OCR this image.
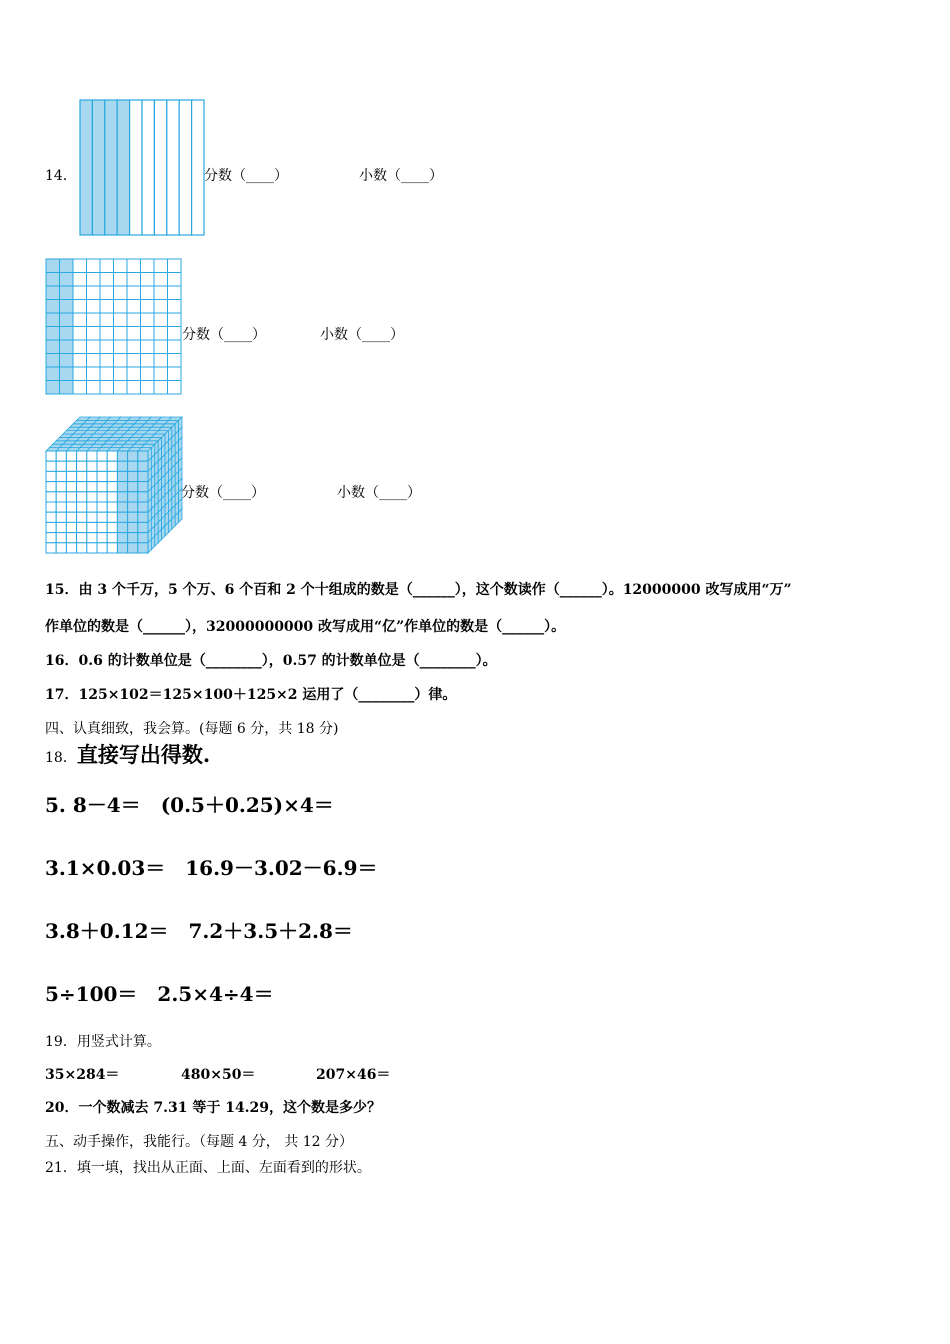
14．	分数（____）	小数（____）
分数（____）	小数（____）
分数（____）	小数（____）
15．由 3 个千万，5 个万、6 个百和 2 个十组成的数是（______），这个数读作（______）。12000000 改写成用“万”
作单位的数是（______），32000000000 改写成用“亿”作单位的数是（______）。
16．0.6 的计数单位是（________），0.57 的计数单位是（________）。
17．125×102＝125×100＋125×2 运用了（________）律。
四、认真细致，我会算。(每题 6 分，共 18 分)
18．直接写出得数.
5. 8－4＝ (0.5＋0.25)×4＝
3.1×0.03＝ 16.9－3.02－6.9＝
3.8＋0.12＝ 7.2＋3.5＋2.8＝
5÷100＝ 2.5×4÷4＝
19．用竖式计算。
35×284＝	480×50＝	207×46＝
20．一个数减去 7.31 等于 14.29，这个数是多少？
五、动手操作，我能行。（每题 4 分， 共 12 分）
21．填一填，找出从正面、上面、左面看到的形状。
